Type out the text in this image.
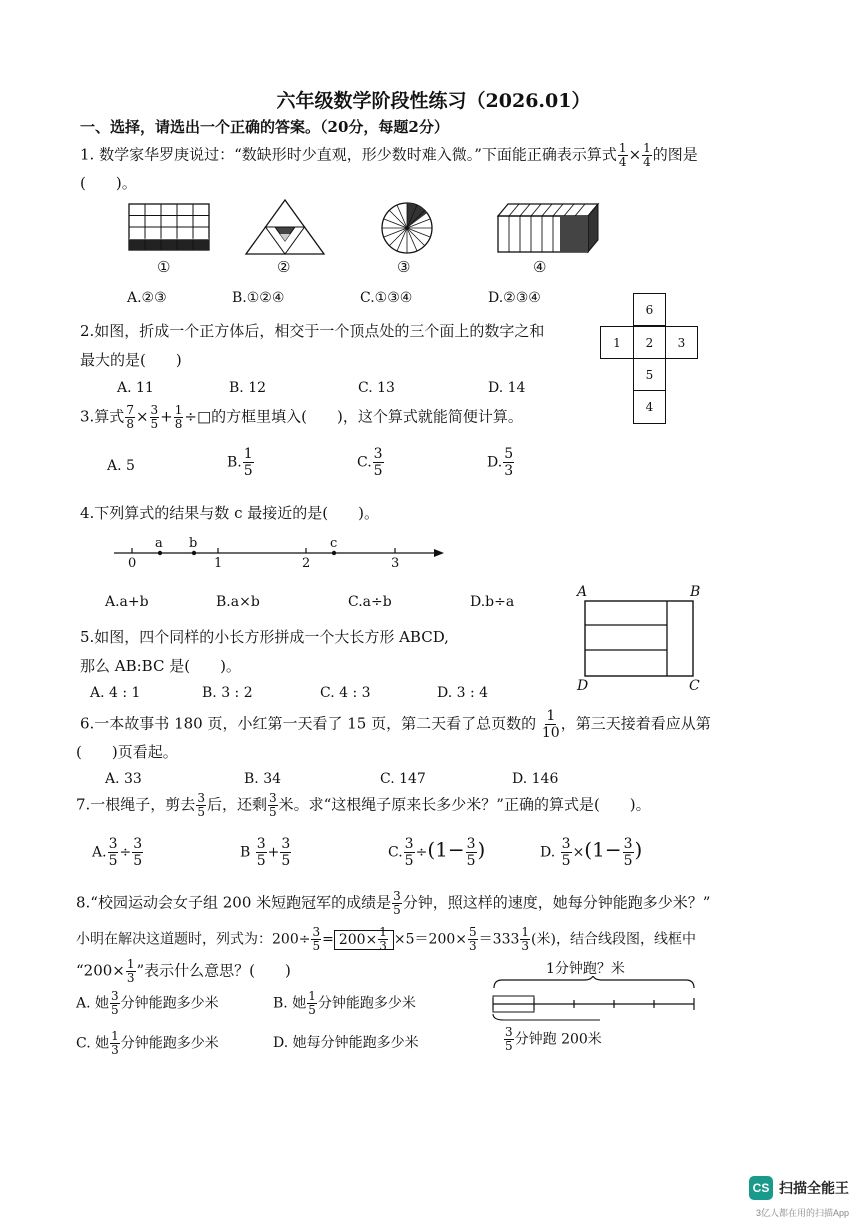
六年级数学阶段性练习（2026.01）
一、选择，请选出一个正确的答案。（20分，每题2分）
1. 数学家华罗庚说过：“数缺形时少直观，形少数时难入微。”下面能正确表示算式 $\frac{1}{4} \times \frac{1}{4}$ 的图是
(　　)。
①	②	③	④
A.②③	B.①②④	C.①③④	D.②③④
2.如图，折成一个正方体后，相交于一个顶点处的三个面上的数字之和
最大的是(　　)
A. 11	B. 12	C. 13	D. 14
6
1	2	3
5
4
3.算式 $\frac{7}{8} \times \frac{3}{5} + \frac{1}{8}$ ÷□的方框里填入(　　)，这个算式就能简便计算。
A. 5	B. $\frac{1}{5}$	C. $\frac{3}{5}$	D. $\frac{5}{3}$
4.下列算式的结果与数 c 最接近的是(　　)。
a b	c
0	1	2	3
A.a+b	B.a×b	C.a÷b	D.b÷a
5.如图，四个同样的小长方形拼成一个大长方形 ABCD,
那么 AB:BC 是(　　)。
A. 4 : 1	B. 3 : 2	C. 4 : 3	D. 3 : 4
A	B
C
D
6.一本故事书 180 页，小红第一天看了 15 页，第二天看了总页数的 $\frac{1}{10}$ ，第三天接着看应从第
(　　)页看起。
A. 33	B. 34	C. 147	D. 146
7.一根绳子，剪去 $\frac{3}{5}$ 后，还剩 $\frac{3}{5}$ 米。求“这根绳子原来长多少米？”正确的算式是(　　)。
A. $\frac{3}{5} \div \frac{3}{5}$	B $\frac{3}{5} + \frac{3}{5}$	C. $\frac{3}{5} \div(1- \frac{3}{5}$ )	D. $\frac{3}{5} \times(1- \frac{3}{5}$ )
8.“校园运动会女子组 200 米短跑冠军的成绩是 $\frac{3}{5}$ 分钟，照这样的速度，她每分钟能跑多少米？”
小明在解决这道题时，列式为：$200\div \frac{3}{5} = 200\times \frac{1}{3} \times 5=200\times \frac{5}{3} =333 \frac{1}{3}$ (米)，结合线段图，线框中
“$200\times \frac{1}{3}$ ”表示什么意思？(　　)
A. 她 $\frac{3}{5}$ 分钟能跑多少米	B. 她 $\frac{1}{5}$ 分钟能跑多少米
C. 她 $\frac{1}{3}$ 分钟能跑多少米	D. 她每分钟能跑多少米
1分钟跑？米
$\frac{3}{5}$ 分钟跑 200米
CS 扫描全能王
3亿人都在用的扫描App
